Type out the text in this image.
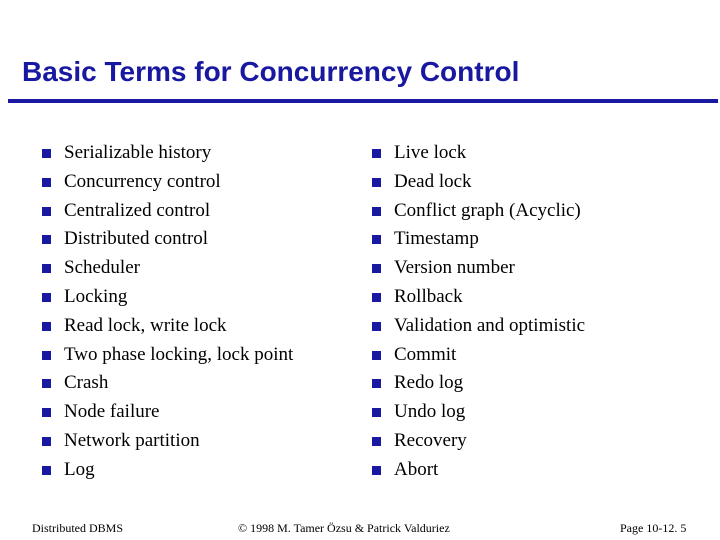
Basic Terms for Concurrency Control
Serializable history
Concurrency control
Centralized control
Distributed control
Scheduler
Locking
Read lock, write lock
Two phase locking, lock point
Crash
Node failure
Network partition
Log
Live lock
Dead lock
Conflict graph (Acyclic)
Timestamp
Version number
Rollback
Validation and optimistic
Commit
Redo log
Undo log
Recovery
Abort
Distributed DBMS	© 1998 M. Tamer Özsu & Patrick Valduriez	Page 10-12. 5
